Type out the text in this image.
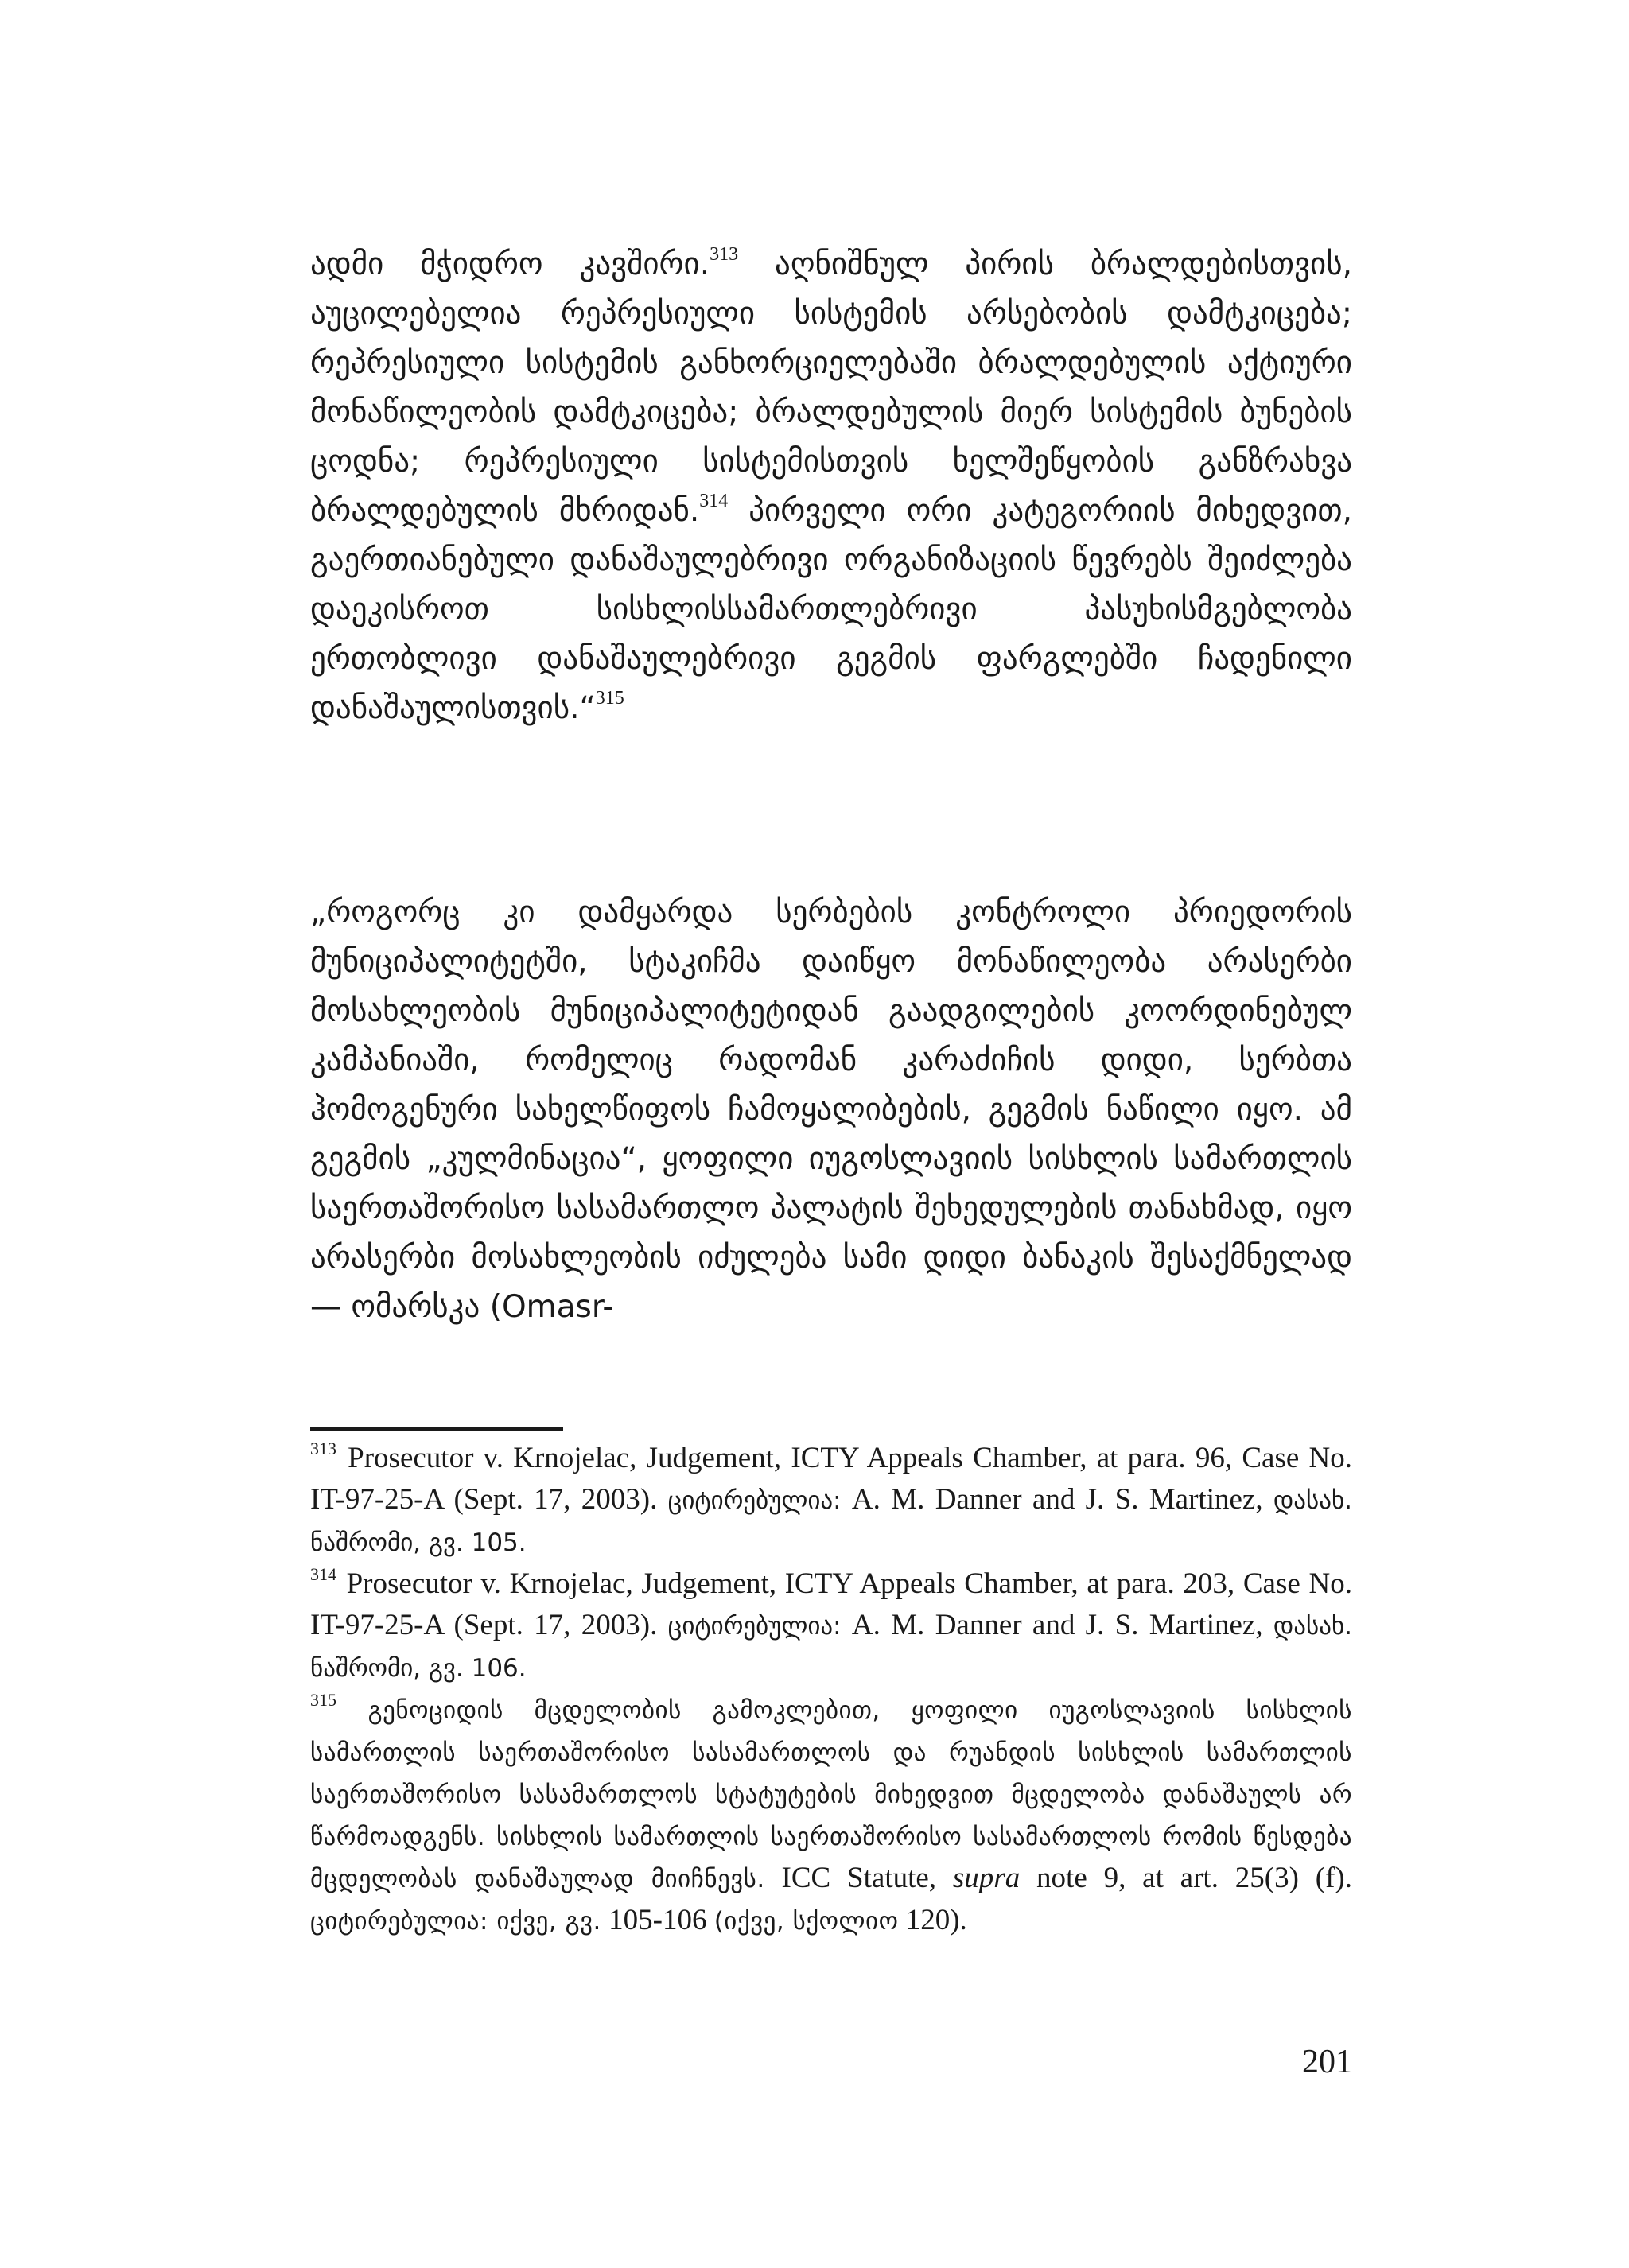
ადმი მჭიდრო კავშირი.$^{313}$ აღნიშნულ პირის ბრალდებისთვის, აუცილებელია რეპრესიული სისტემის არსებობის დამტკიცება; რეპრესიული სისტემის განხორციელებაში ბრალდებულის აქტიური მონაწილეობის დამტკიცება; ბრალდებულის მიერ სისტემის ბუნების ცოდნა; რეპრესიული სისტემისთვის ხელშეწყობის განზრახვა ბრალდებულის მხრიდან.$^{314}$ პირველი ორი კატეგორიის მიხედვით, გაერთიანებული დანაშაულებრივი ორგანიზაციის წევრებს შეიძლება დაეკისროთ სისხლისსამართლებრივი პასუხისმგებლობა ერთობლივი დანაშაულებრივი გეგმის ფარგლებში ჩადენილი დანაშაულისთვის.“$^{315}$

„როგორც კი დამყარდა სერბების კონტროლი პრიედორის მუნიციპალიტეტში, სტაკიჩმა დაიწყო მონაწილეობა არასერბი მოსახლეობის მუნიციპალიტეტიდან გაადგილების კოორდინებულ კამპანიაში, რომელიც რადომან კარაძიჩის დიდი, სერბთა ჰომოგენური სახელწიფოს ჩამოყალიბების, გეგმის ნაწილი იყო. ამ გეგმის „კულმინაცია“, ყოფილი იუგოსლავიის სისხლის სამართლის საერთაშორისო სასამართლო პალატის შეხედულების თანახმად, იყო არასერბი მოსახლეობის იძულება სამი დიდი ბანაკის შესაქმნელად — ომარსკა (Omasr-

$^{313}$ Prosecutor v. Krnojelac, Judgement, ICTY Appeals Chamber, at para. 96, Case No. IT-97-25-A (Sept. 17, 2003). ციტირებულია: A. M. Danner and J. S. Martinez, დასახ. ნაშრომი, გვ. 105.

$^{314}$ Prosecutor v. Krnojelac, Judgement, ICTY Appeals Chamber, at para. 203, Case No. IT-97-25-A (Sept. 17, 2003). ციტირებულია: A. M. Danner and J. S. Martinez, დასახ. ნაშრომი, გვ. 106.

$^{315}$ გენოციდის მცდელობის გამოკლებით, ყოფილი იუგოსლავიის სისხლის სამართლის საერთაშორისო სასამართლოს და რუანდის სისხლის სამართლის საერთაშორისო სასამართლოს სტატუტების მიხედვით მცდელობა დანაშაულს არ წარმოადგენს. სისხლის სამართლის საერთაშორისო სასამართლოს რომის წესდება მცდელობას დანაშაულად მიიჩნევს. ICC Statute, supra note 9, at art. 25(3) (f). ციტირებულია: იქვე, გვ. 105-106 (იქვე, სქოლიო 120).

201
